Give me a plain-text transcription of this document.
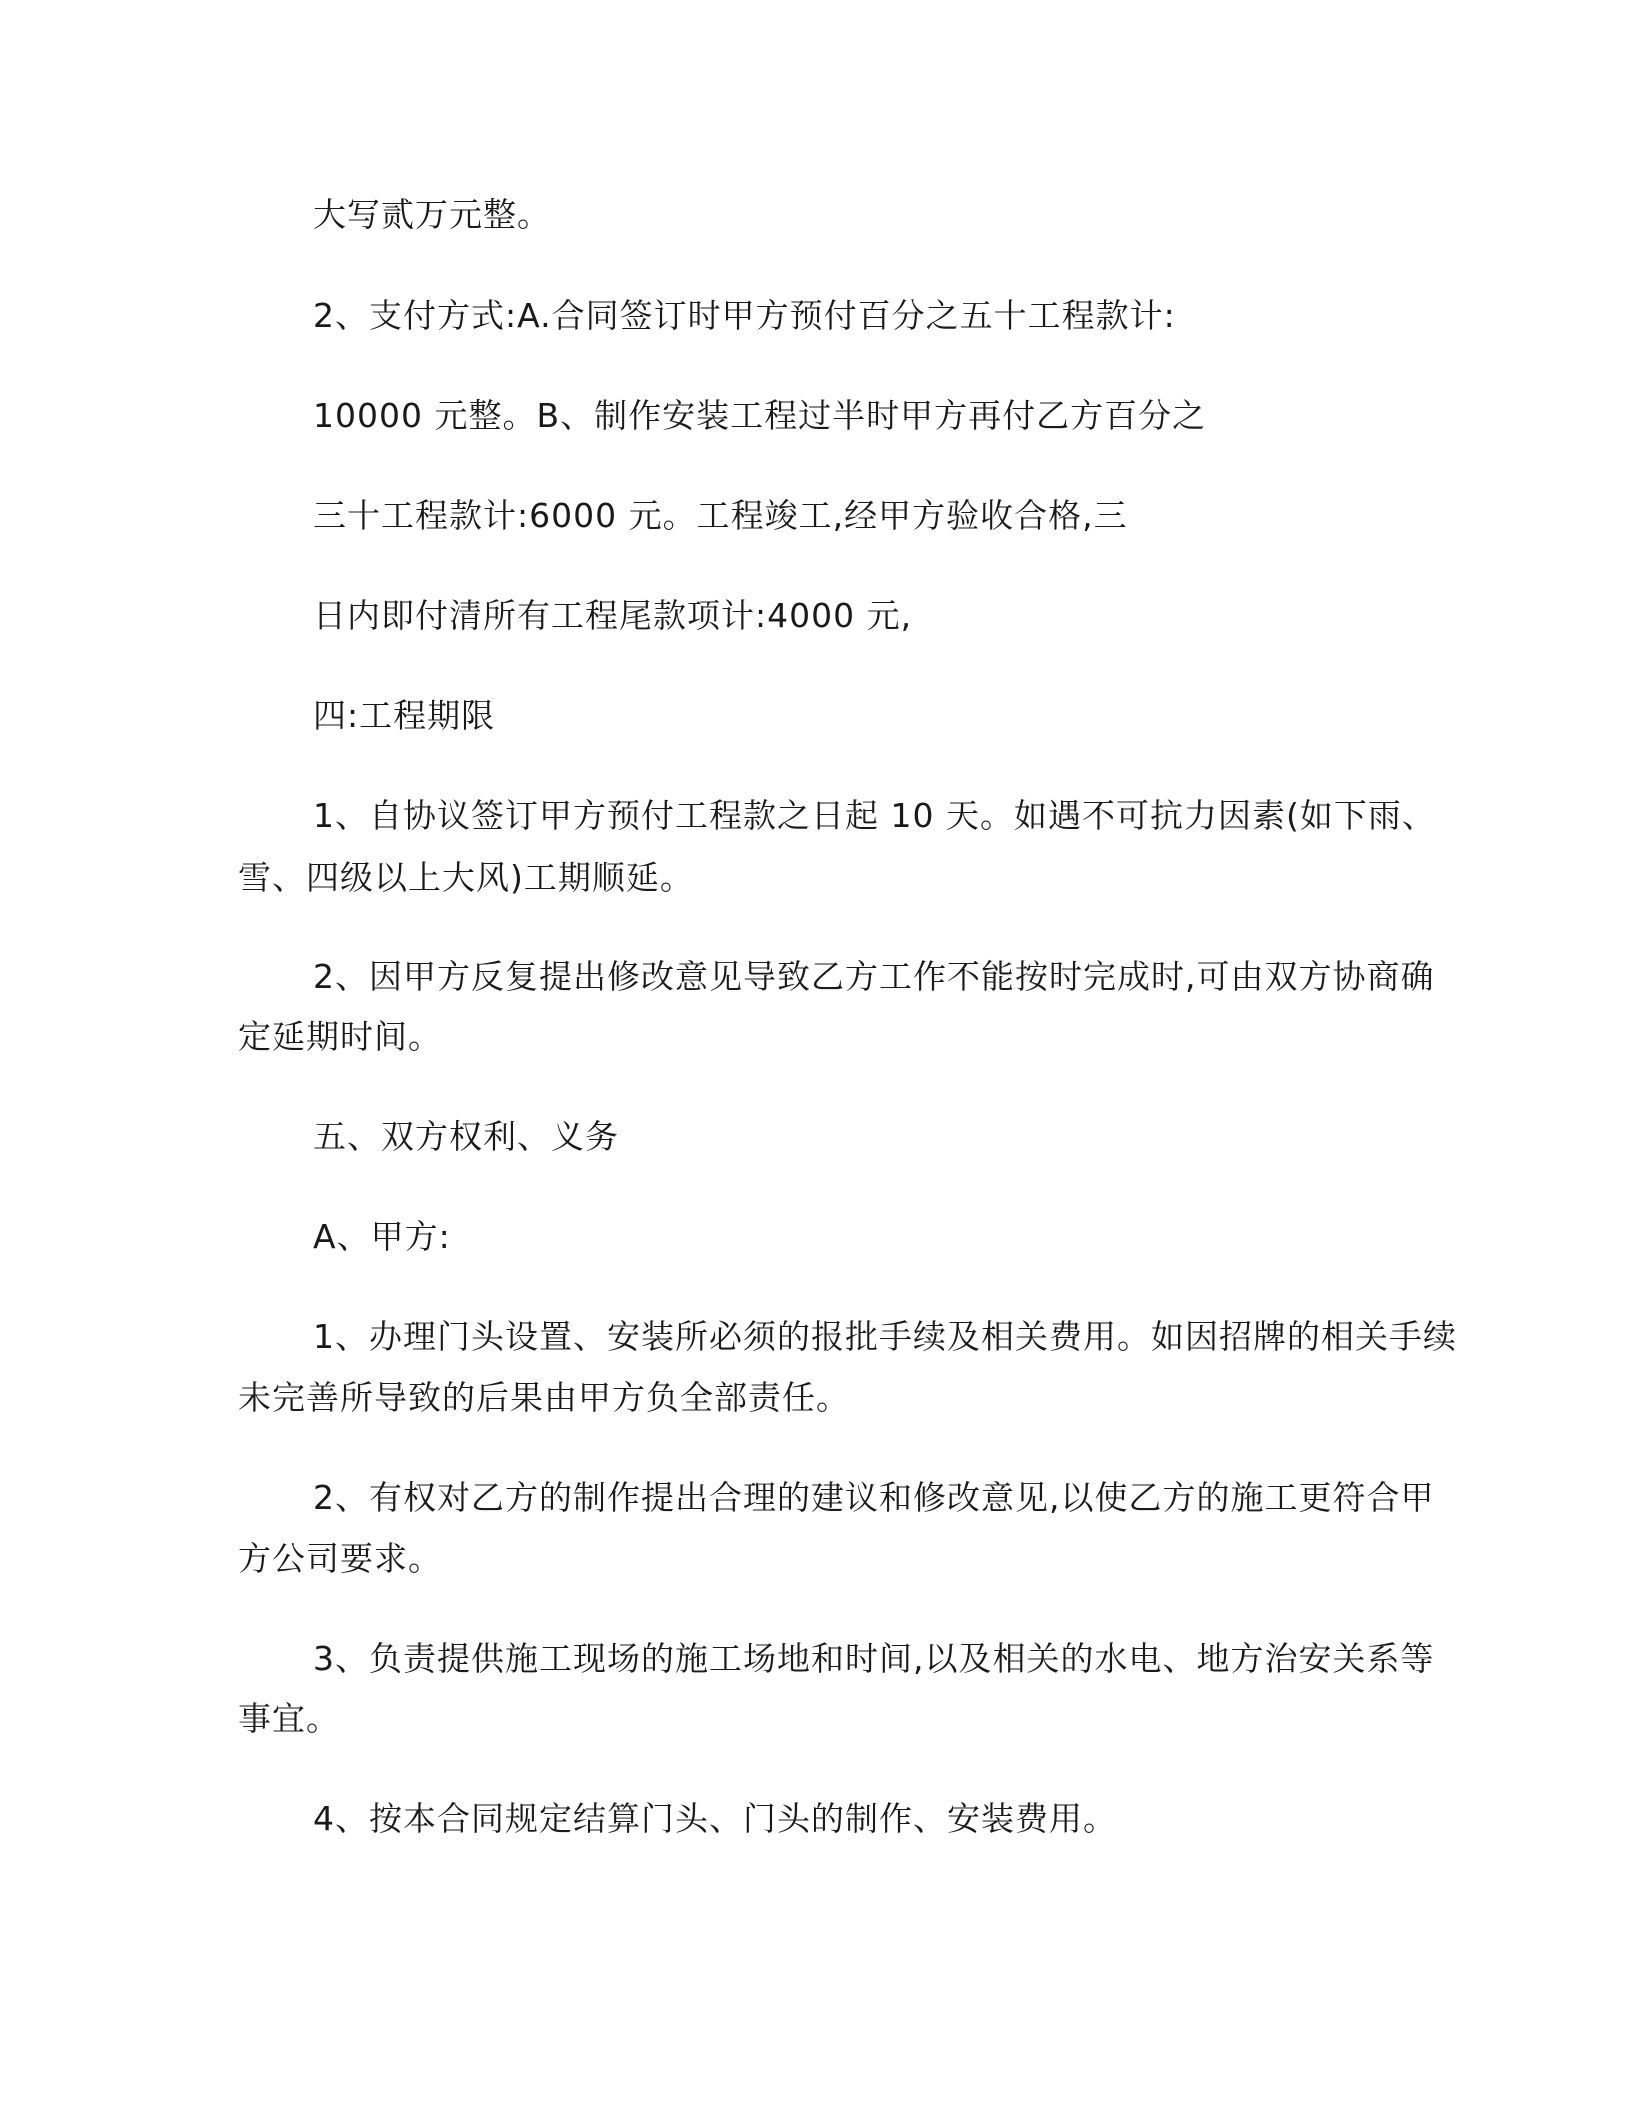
大写贰万元整。
2、支付方式:A.合同签订时甲方预付百分之五十工程款计:
10000 元整。B、制作安装工程过半时甲方再付乙方百分之
三十工程款计:6000 元。工程竣工,经甲方验收合格,三
日内即付清所有工程尾款项计:4000 元,
四:工程期限
1、自协议签订甲方预付工程款之日起 10 天。如遇不可抗力因素(如下雨、
雪、四级以上大风)工期顺延。
2、因甲方反复提出修改意见导致乙方工作不能按时完成时,可由双方协商确
定延期时间。
五、双方权利、义务
A、甲方:
1、办理门头设置、安装所必须的报批手续及相关费用。如因招牌的相关手续
未完善所导致的后果由甲方负全部责任。
2、有权对乙方的制作提出合理的建议和修改意见,以使乙方的施工更符合甲
方公司要求。
3、负责提供施工现场的施工场地和时间,以及相关的水电、地方治安关系等
事宜。
4、按本合同规定结算门头、门头的制作、安装费用。
